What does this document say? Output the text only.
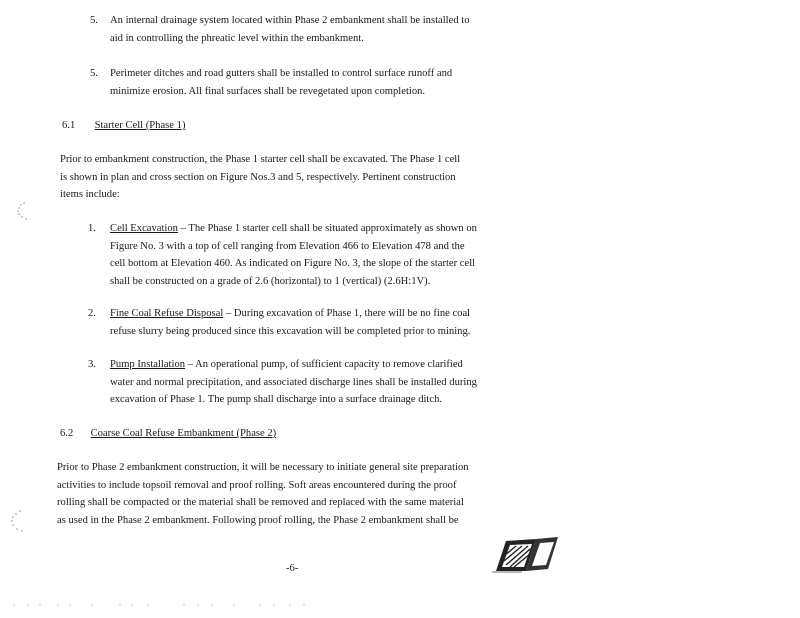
5. An internal drainage system located within Phase 2 embankment shall be installed to
aid in controlling the phreatic level within the embankment.
5. Perimeter ditches and road gutters shall be installed to control surface runoff and
minimize erosion. All final surfaces shall be revegetated upon completion.
6.1 Starter Cell (Phase 1)
Prior to embankment construction, the Phase 1 starter cell shall be excavated. The Phase 1 cell
is shown in plan and cross section on Figure Nos.3 and 5, respectively. Pertinent construction
items include:
1. Cell Excavation – The Phase 1 starter cell shall be situated approximately as shown on
Figure No. 3 with a top of cell ranging from Elevation 466 to Elevation 478 and the
cell bottom at Elevation 460. As indicated on Figure No. 3, the slope of the starter cell
shall be constructed on a grade of 2.6 (horizontal) to 1 (vertical) (2.6H:1V).
2. Fine Coal Refuse Disposal – During excavation of Phase 1, there will be no fine coal
refuse slurry being produced since this excavation will be completed prior to mining.
3. Pump Installation – An operational pump, of sufficient capacity to remove clarified
water and normal precipitation, and associated discharge lines shall be installed during
excavation of Phase 1. The pump shall discharge into a surface drainage ditch.
6.2 Coarse Coal Refuse Embankment (Phase 2)
Prior to Phase 2 embankment construction, it will be necessary to initiate general site preparation
activities to include topsoil removal and proof rolling. Soft areas encountered during the proof
rolling shall be compacted or the material shall be removed and replaced with the same material
as used in the Phase 2 embankment. Following proof rolling, the Phase 2 embankment shall be
-6-
